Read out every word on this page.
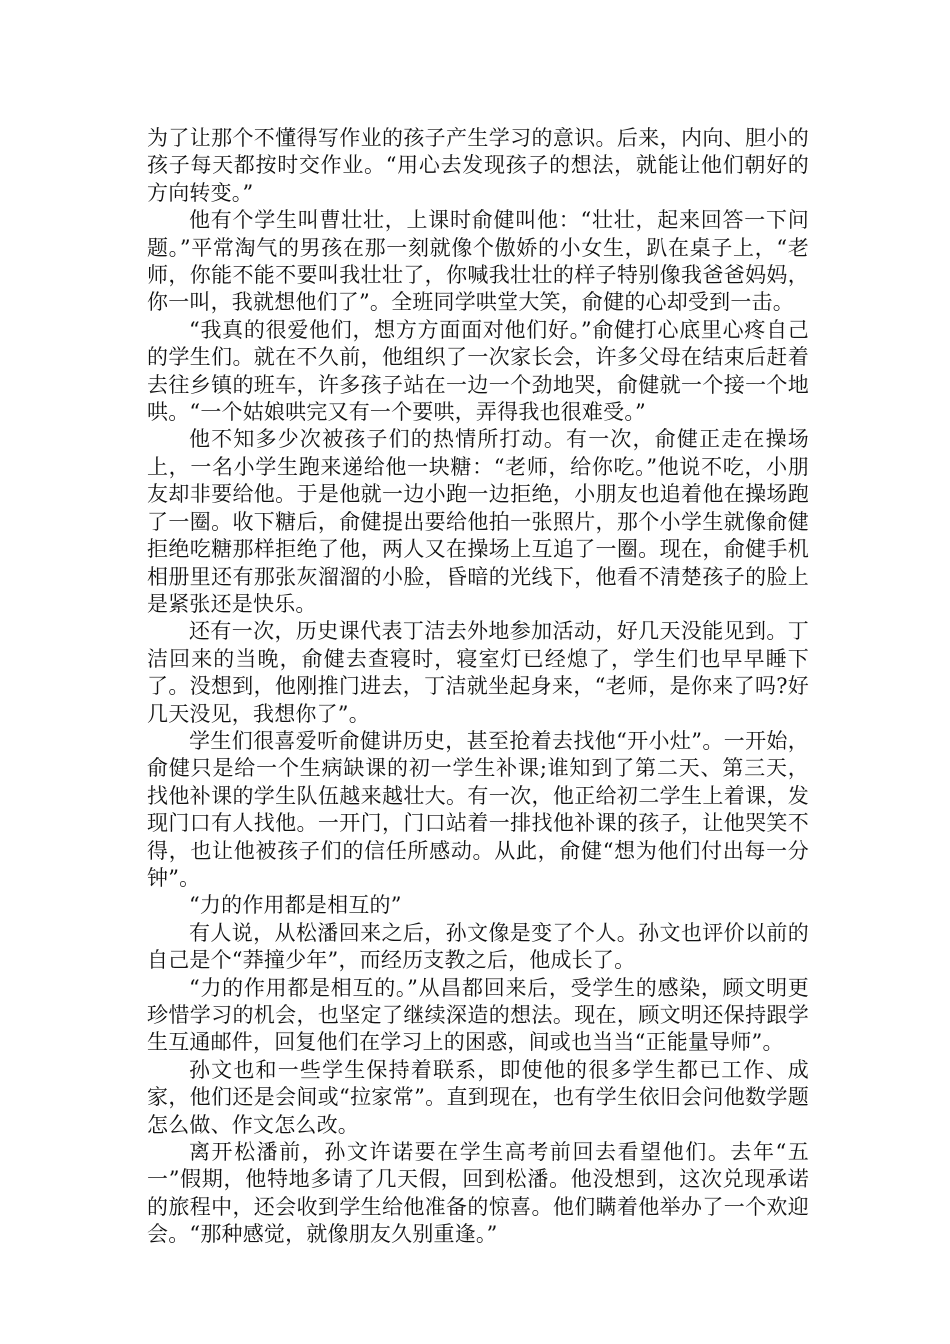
为了让那个不懂得写作业的孩子产生学习的意识。后来，内向、胆小的孩子每天都按时交作业。“用心去发现孩子的想法，就能让他们朝好的方向转变。”

他有个学生叫曹壮壮，上课时俞健叫他：“壮壮，起来回答一下问题。”平常淘气的男孩在那一刻就像个傲娇的小女生，趴在桌子上，“老师，你能不能不要叫我壮壮了，你喊我壮壮的样子特别像我爸爸妈妈，你一叫，我就想他们了”。全班同学哄堂大笑，俞健的心却受到一击。

“我真的很爱他们，想方方面面对他们好。”俞健打心底里心疼自己的学生们。就在不久前，他组织了一次家长会，许多父母在结束后赶着去往乡镇的班车，许多孩子站在一边一个劲地哭，俞健就一个接一个地哄。“一个姑娘哄完又有一个要哄，弄得我也很难受。”

他不知多少次被孩子们的热情所打动。有一次，俞健正走在操场上，一名小学生跑来递给他一块糖：“老师，给你吃。”他说不吃，小朋友却非要给他。于是他就一边小跑一边拒绝，小朋友也追着他在操场跑了一圈。收下糖后，俞健提出要给他拍一张照片，那个小学生就像俞健拒绝吃糖那样拒绝了他，两人又在操场上互追了一圈。现在，俞健手机相册里还有那张灰溜溜的小脸，昏暗的光线下，他看不清楚孩子的脸上是紧张还是快乐。

还有一次，历史课代表丁洁去外地参加活动，好几天没能见到。丁洁回来的当晚，俞健去查寝时，寝室灯已经熄了，学生们也早早睡下了。没想到，他刚推门进去，丁洁就坐起身来，“老师，是你来了吗?好几天没见，我想你了”。

学生们很喜爱听俞健讲历史，甚至抢着去找他“开小灶”。一开始，俞健只是给一个生病缺课的初一学生补课;谁知到了第二天、第三天，找他补课的学生队伍越来越壮大。有一次，他正给初二学生上着课，发现门口有人找他。一开门，门口站着一排找他补课的孩子，让他哭笑不得，也让他被孩子们的信任所感动。从此，俞健“想为他们付出每一分钟”。

“力的作用都是相互的”

有人说，从松潘回来之后，孙文像是变了个人。孙文也评价以前的自己是个“莽撞少年”，而经历支教之后，他成长了。

“力的作用都是相互的。”从昌都回来后，受学生的感染，顾文明更珍惜学习的机会，也坚定了继续深造的想法。现在，顾文明还保持跟学生互通邮件，回复他们在学习上的困惑，间或也当当“正能量导师”。

孙文也和一些学生保持着联系，即使他的很多学生都已工作、成家，他们还是会间或“拉家常”。直到现在，也有学生依旧会问他数学题怎么做、作文怎么改。

离开松潘前，孙文许诺要在学生高考前回去看望他们。去年“五一”假期，他特地多请了几天假，回到松潘。他没想到，这次兑现承诺的旅程中，还会收到学生给他准备的惊喜。他们瞒着他举办了一个欢迎会。“那种感觉，就像朋友久别重逢。”
